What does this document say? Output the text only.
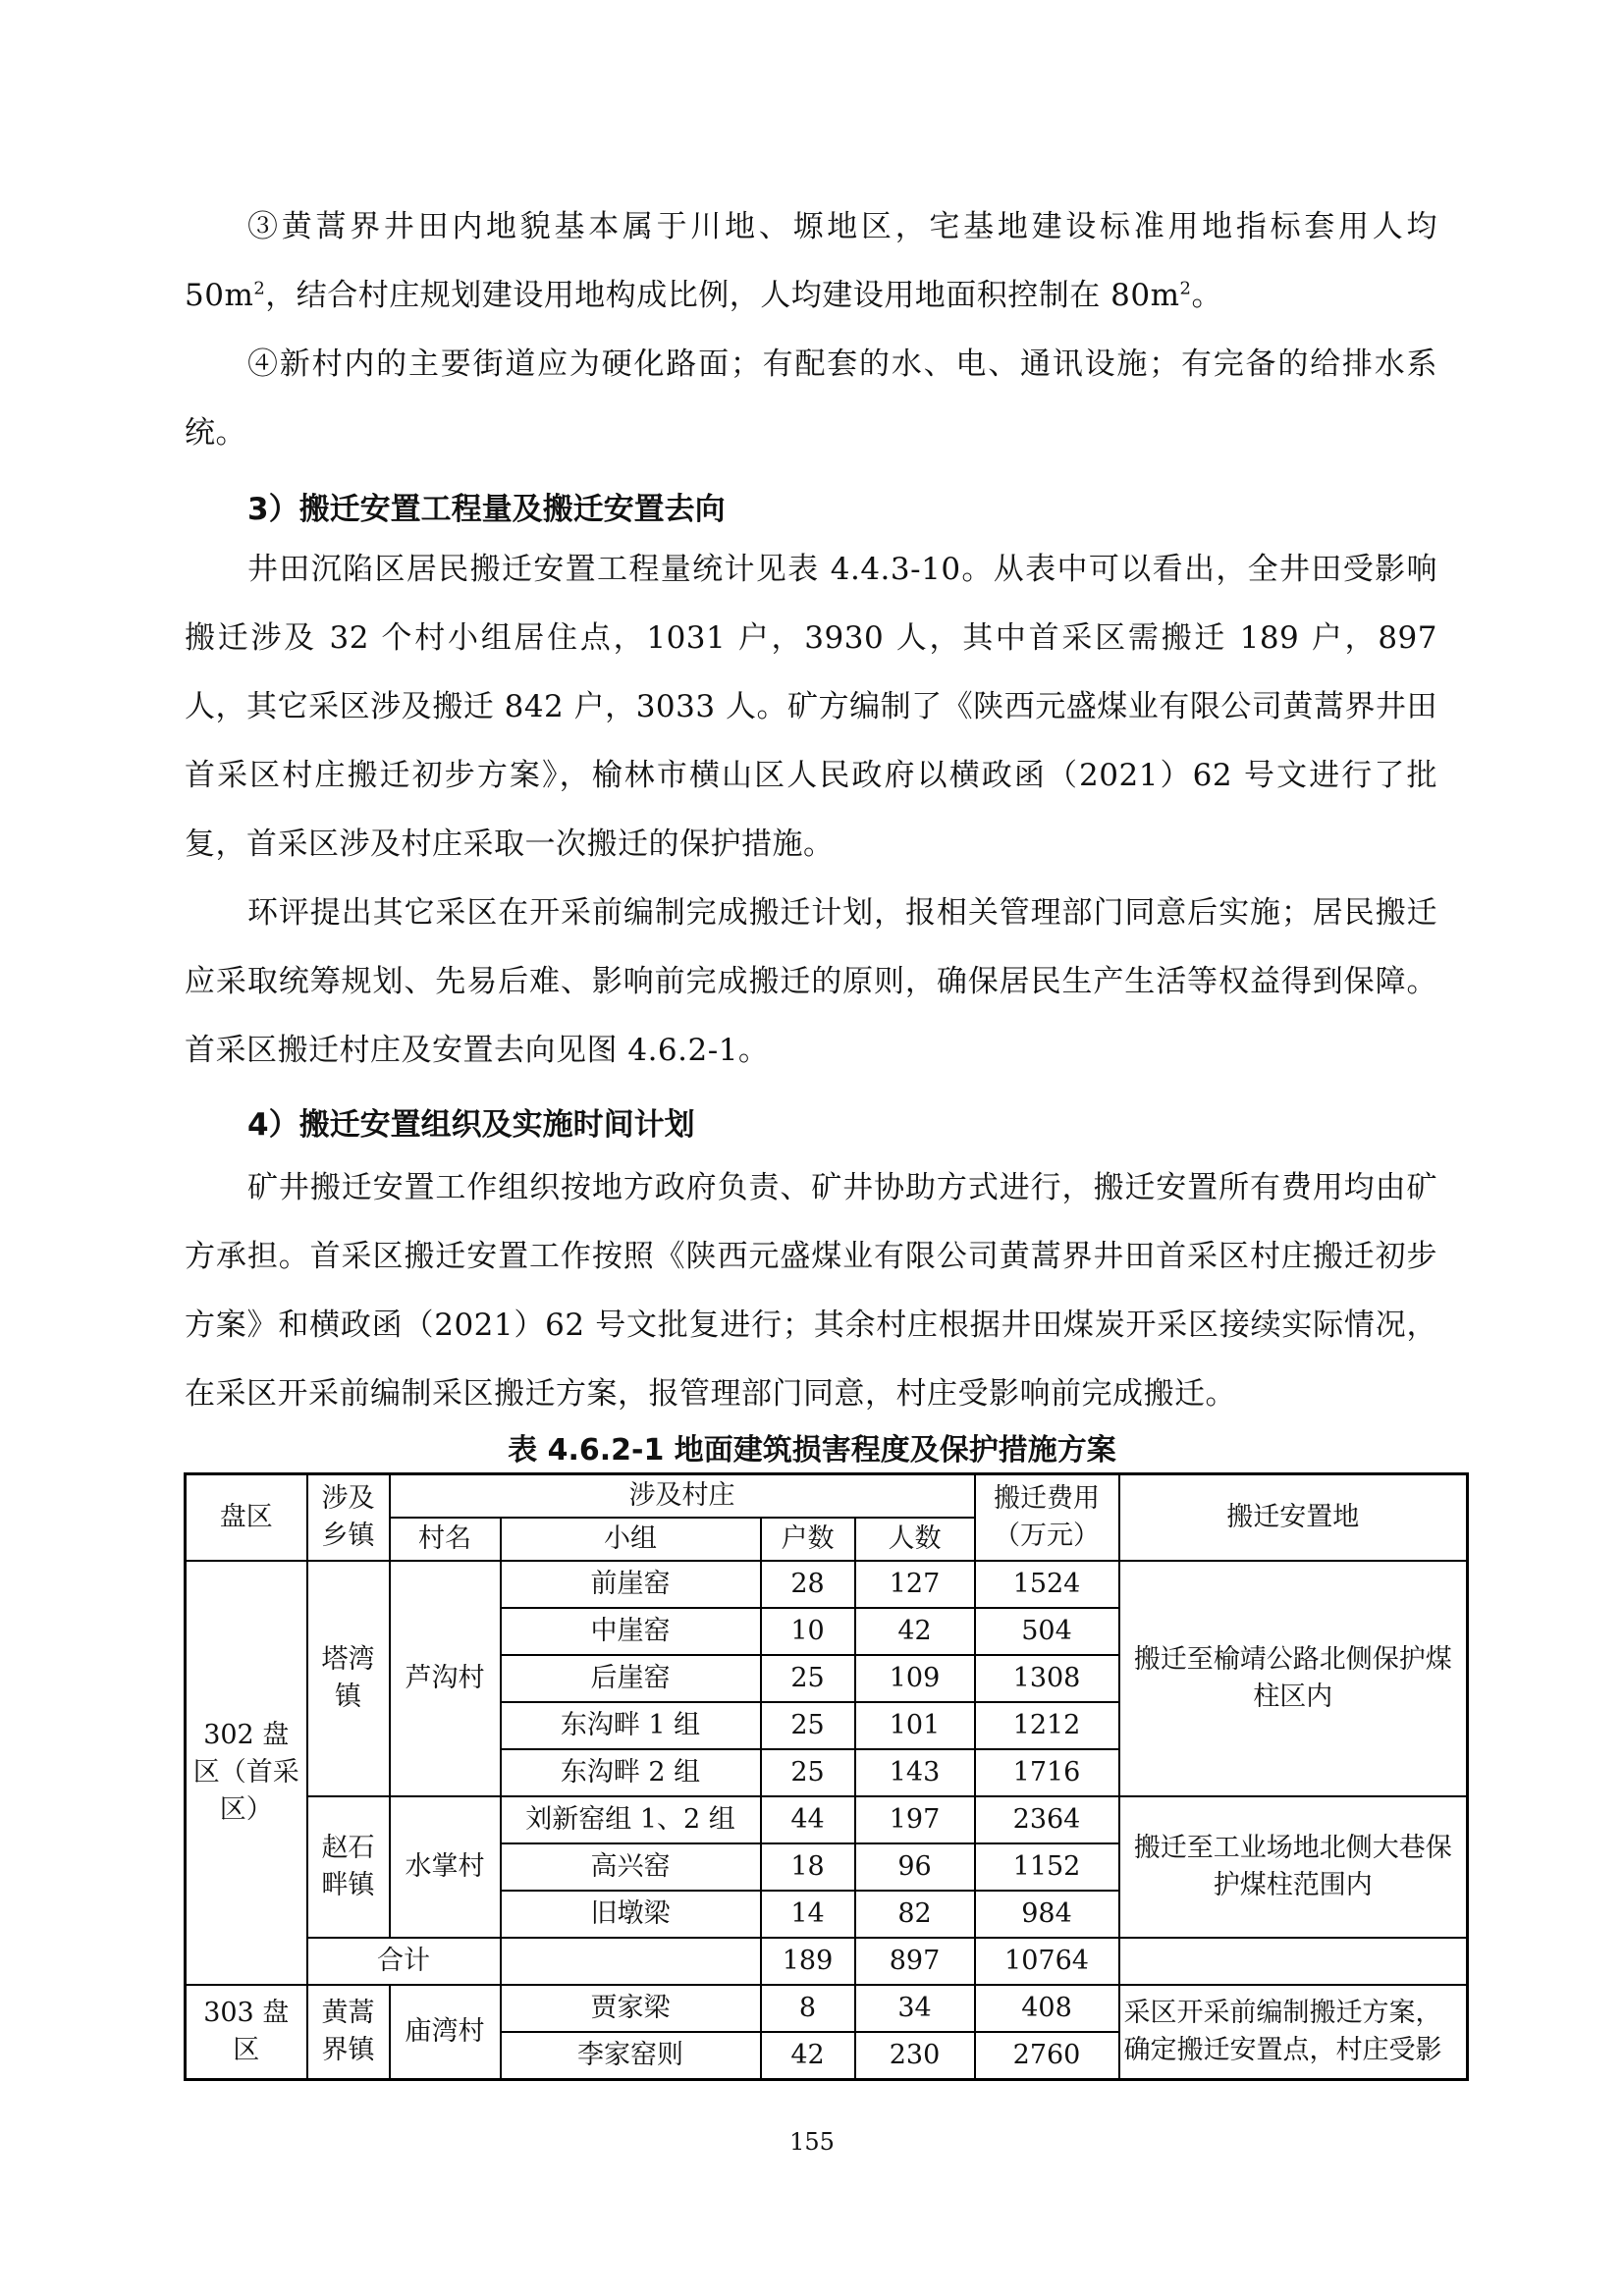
③黄蒿界井田内地貌基本属于川地、塬地区，宅基地建设标准用地指标套用人均$50m^2$，结合村庄规划建设用地构成比例，人均建设用地面积控制在 $80m^2$。

④新村内的主要街道应为硬化路面；有配套的水、电、通讯设施；有完备的给排水系统。

3）搬迁安置工程量及搬迁安置去向

井田沉陷区居民搬迁安置工程量统计见表 4.4.3-10。从表中可以看出，全井田受影响搬迁涉及 32 个村小组居住点，1031 户，3930 人，其中首采区需搬迁 189 户，897 人，其它采区涉及搬迁 842 户，3033 人。矿方编制了《陕西元盛煤业有限公司黄蒿界井田首采区村庄搬迁初步方案》，榆林市横山区人民政府以横政函（2021）62 号文进行了批复，首采区涉及村庄采取一次搬迁的保护措施。

环评提出其它采区在开采前编制完成搬迁计划，报相关管理部门同意后实施；居民搬迁应采取统筹规划、先易后难、影响前完成搬迁的原则，确保居民生产生活等权益得到保障。首采区搬迁村庄及安置去向见图 4.6.2-1。

4）搬迁安置组织及实施时间计划

矿井搬迁安置工作组织按地方政府负责、矿井协助方式进行，搬迁安置所有费用均由矿方承担。首采区搬迁安置工作按照《陕西元盛煤业有限公司黄蒿界井田首采区村庄搬迁初步方案》和横政函（2021）62 号文批复进行；其余村庄根据井田煤炭开采区接续实际情况，在采区开采前编制采区搬迁方案，报管理部门同意，村庄受影响前完成搬迁。

表 4.6.2-1 地面建筑损害程度及保护措施方案
盘区	涉及乡镇	涉及村庄				搬迁费用（万元）	搬迁安置地
		村名	小组	户数	人数		
302 盘区（首采区）	塔湾镇	芦沟村	前崖窑	28	127	1524	搬迁至榆靖公路北侧保护煤柱区内
			中崖窑	10	42	504	
			后崖窑	25	109	1308	
			东沟畔 1 组	25	101	1212	
			东沟畔 2 组	25	143	1716	
	赵石畔镇	水掌村	刘新窑组 1、2 组	44	197	2364	搬迁至工业场地北侧大巷保护煤柱范围内
			高兴窑	18	96	1152	
			旧墩梁	14	82	984	
	合计			189	897	10764	
303 盘区	黄蒿界镇	庙湾村	贾家梁	8	34	408	采区开采前编制搬迁方案，确定搬迁安置点，村庄受影
			李家窑则	42	230	2760	
155
